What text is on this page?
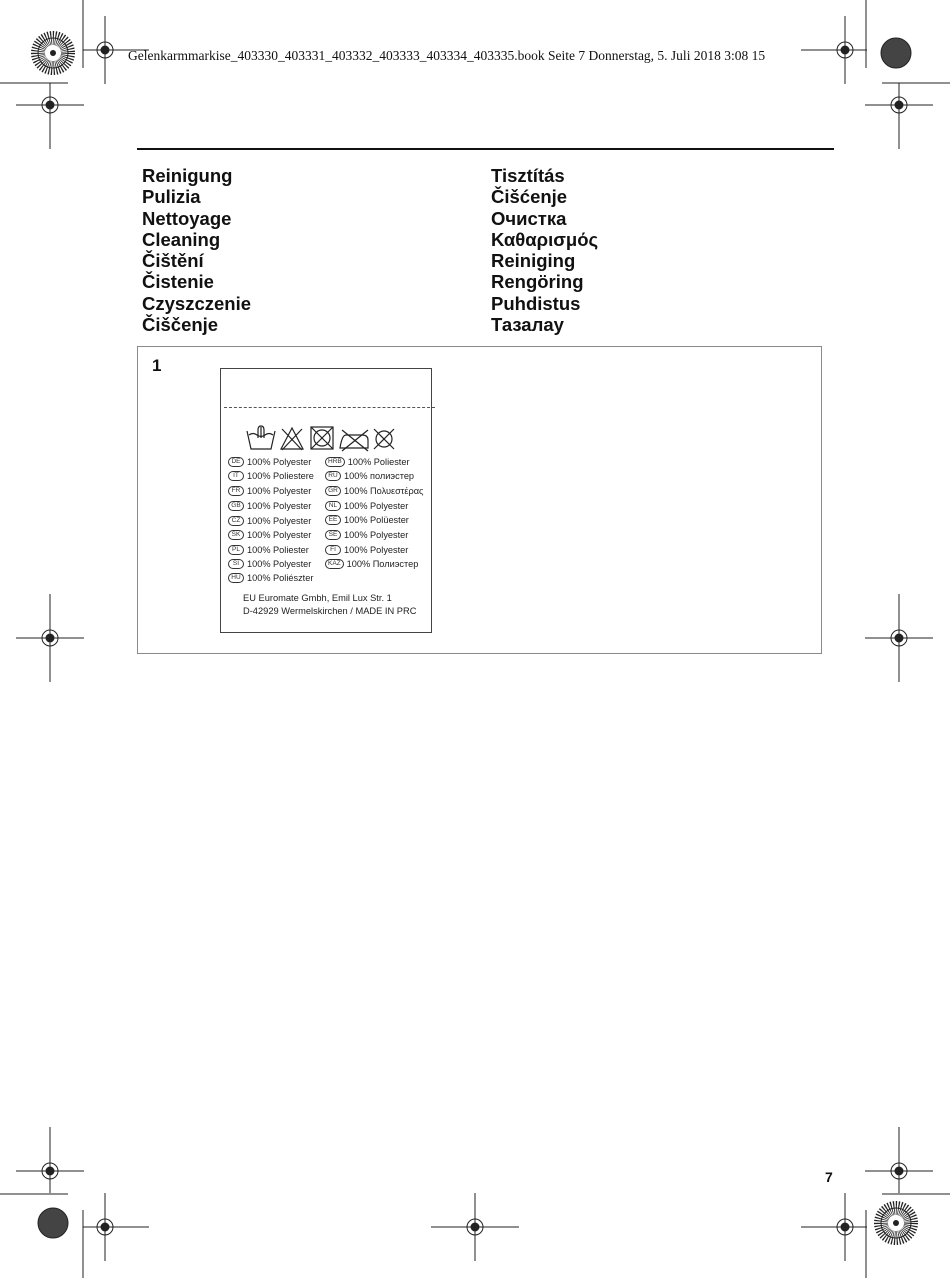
Gelenkarmmarkise_403330_403331_403332_403333_403334_403335.book Seite 7 Donnerstag, 5. Juli 2018 3:08 15
Reinigung
Pulizia
Nettoyage
Cleaning
Čištění
Čistenie
Czyszczenie
Čiščenje
Tisztítás
Čišćenje
Очистка
Καθαρισμός
Reiniging
Rengöring
Puhdistus
Тазалау
1
DE 100% Polyester
IT 100% Poliestere
FR 100% Polyester
GB 100% Polyester
CZ 100% Polyester
SK 100% Polyester
PL 100% Poliester
SI 100% Polyester
HU 100% Poliészter
HRB 100% Poliester
RU 100% полиэстер
GR 100% Πολυεστέρας
NL 100% Polyester
EE 100% Polüester
SE 100% Polyester
FI 100% Polyester
KAZ 100% Полиэстер
EU Euromate Gmbh, Emil Lux Str. 1
D-42929 Wermelskirchen / MADE IN PRC
7
